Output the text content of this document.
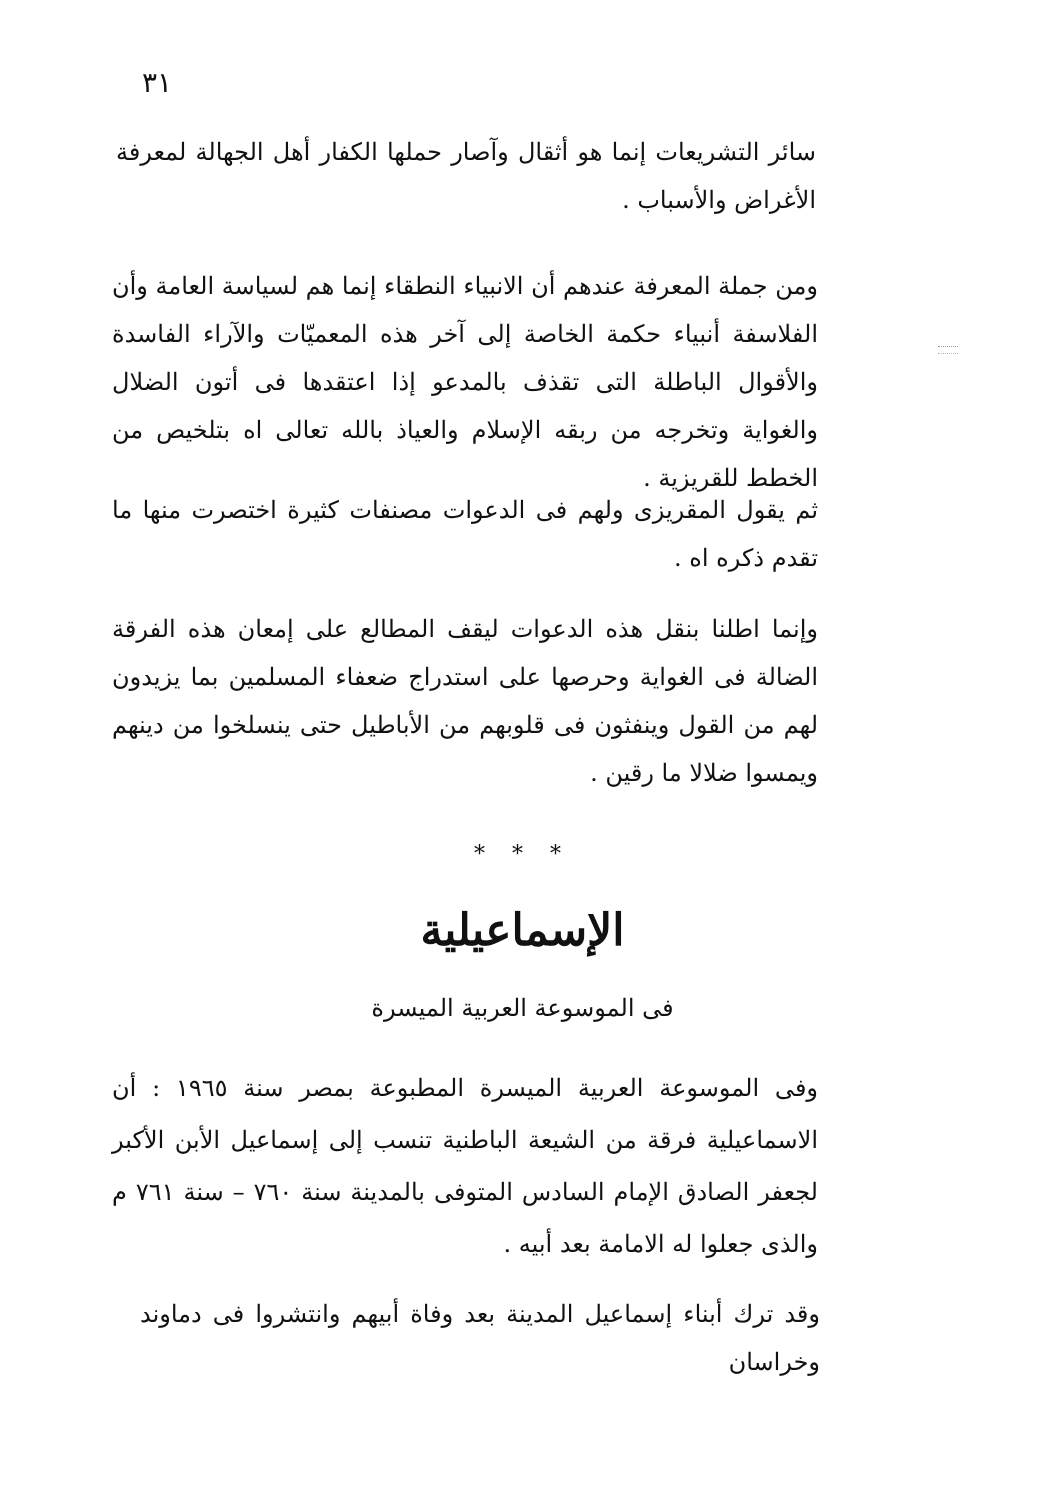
٣١

سائر التشريعات إنما هو أثقال وآصار حملها الكفار أهل الجهالة لمعرفة الأغراض والأسباب .

ومن جملة المعرفة عندهم أن الانبياء النطقاء إنما هم لسياسة العامة وأن الفلاسفة أنبياء حكمة الخاصة إلى آخر هذه المعميّات والآراء الفاسدة والأقوال الباطلة التى تقذف بالمدعو إذا اعتقدها فى أتون الضلال والغواية وتخرجه من ربقه الإسلام والعياذ بالله تعالى اه بتلخيص من الخطط للقريزية .

ثم يقول المقريزى ولهم فى الدعوات مصنفات كثيرة اختصرت منها ما تقدم ذكره اه .

وإنما اطلنا بنقل هذه الدعوات ليقف المطالع على إمعان هذه الفرقة الضالة فى الغواية وحرصها على استدراج ضعفاء المسلمين بما يزيدون لهم من القول وينفثون فى قلوبهم من الأباطيل حتى ينسلخوا من دينهم ويمسوا ضلالا ما رقين .

* * *
الإسماعيلية
فى الموسوعة العربية الميسرة

وفى الموسوعة العربية الميسرة المطبوعة بمصر سنة ١٩٦٥ : أن الاسماعيلية فرقة من الشيعة الباطنية تنسب إلى إسماعيل الأبن الأكبر لجعفر الصادق الإمام السادس المتوفى بالمدينة سنة ٧٦٠ – سنة ٧٦١ م والذى جعلوا له الامامة بعد أبيه .

وقد ترك أبناء إسماعيل المدينة بعد وفاة أبيهم وانتشروا فى دماوند وخراسان
